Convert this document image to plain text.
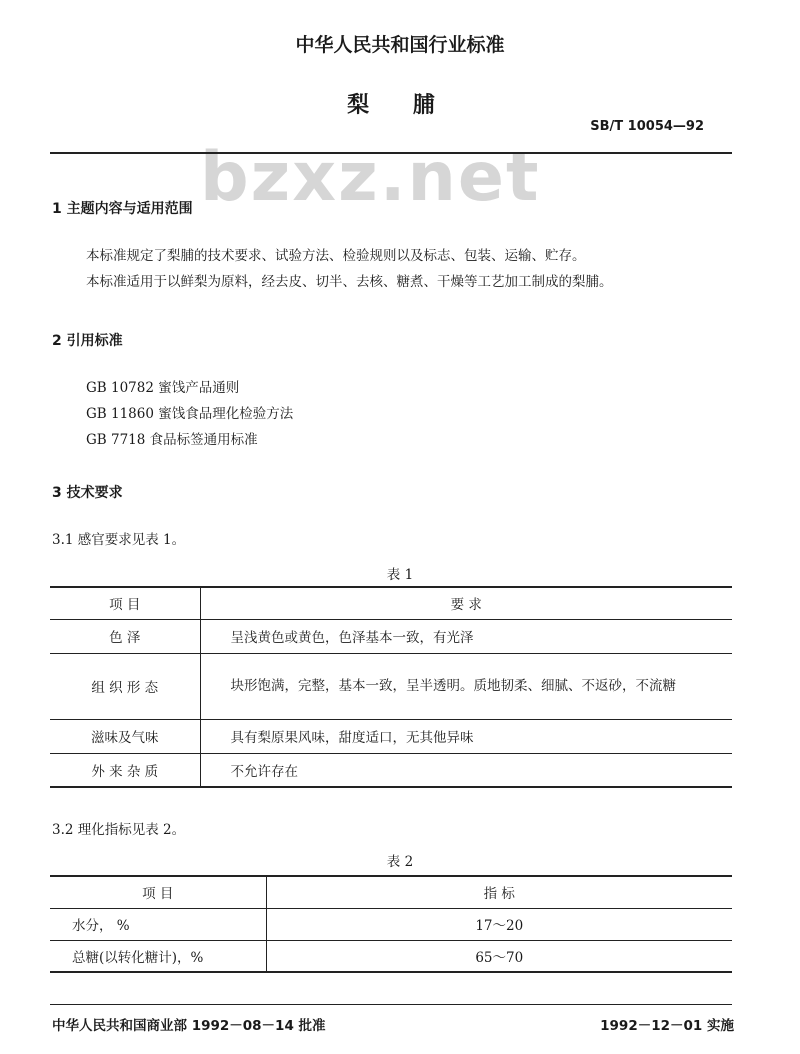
bzxz.net
中华人民共和国行业标准
梨 脯
SB/T 10054—92
1 主题内容与适用范围
本标准规定了梨脯的技术要求、试验方法、检验规则以及标志、包装、运输、贮存。
本标准适用于以鲜梨为原料，经去皮、切半、去核、糖煮、干燥等工艺加工制成的梨脯。
2 引用标准
GB 10782 蜜饯产品通则
GB 11860 蜜饯食品理化检验方法
GB 7718 食品标签通用标准
3 技术要求
3.1 感官要求见表 1。
表 1
项 目	要 求
色 泽	呈浅黄色或黄色，色泽基本一致，有光泽
组 织 形 态	块形饱满，完整，基本一致，呈半透明。质地韧柔、细腻、不返砂，不流糖
滋味及气味	具有梨原果风味，甜度适口，无其他异味
外 来 杂 质	不允许存在
3.2 理化指标见表 2。
表 2
项 目	指 标
水分， %	17～20
总糖(以转化糖计)，%	65～70
中华人民共和国商业部 1992－08－14 批准	1992－12－01 实施
